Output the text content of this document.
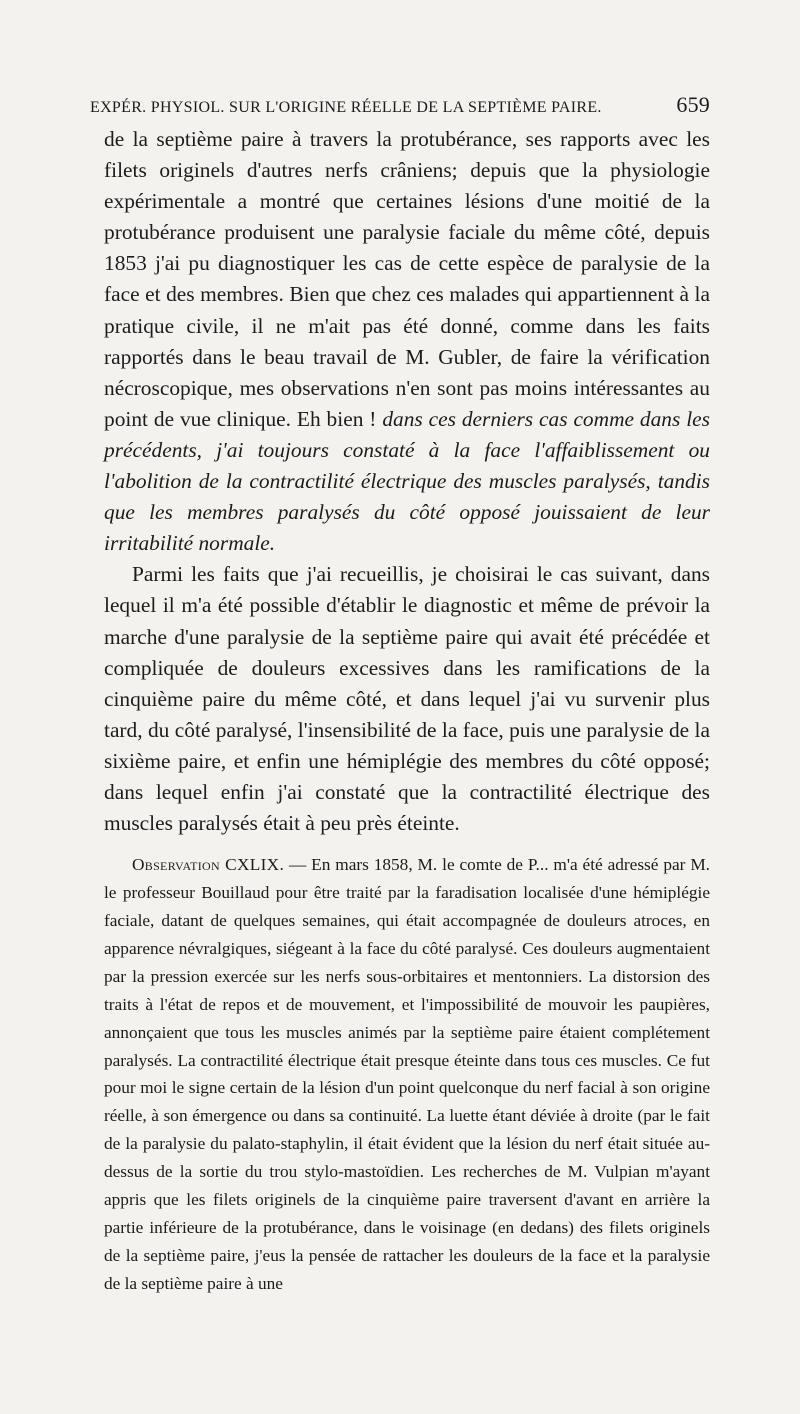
EXPÉR. PHYSIOL. SUR L'ORIGINE RÉELLE DE LA SEPTIÈME PAIRE.	659

de la septième paire à travers la protubérance, ses rapports avec les filets originels d'autres nerfs crâniens; depuis que la physiologie expérimentale a montré que certaines lésions d'une moitié de la protubérance produisent une paralysie faciale du même côté, depuis 1853 j'ai pu diagnostiquer les cas de cette espèce de paralysie de la face et des membres. Bien que chez ces malades qui appartiennent à la pratique civile, il ne m'ait pas été donné, comme dans les faits rapportés dans le beau travail de M. Gubler, de faire la vérification nécroscopique, mes observations n'en sont pas moins intéressantes au point de vue clinique. Eh bien ! dans ces derniers cas comme dans les précédents, j'ai toujours constaté à la face l'affaiblissement ou l'abolition de la contractilité électrique des muscles paralysés, tandis que les membres paralysés du côté opposé jouissaient de leur irritabilité normale.

Parmi les faits que j'ai recueillis, je choisirai le cas suivant, dans lequel il m'a été possible d'établir le diagnostic et même de prévoir la marche d'une paralysie de la septième paire qui avait été précédée et compliquée de douleurs excessives dans les ramifications de la cinquième paire du même côté, et dans lequel j'ai vu survenir plus tard, du côté paralysé, l'insensibilité de la face, puis une paralysie de la sixième paire, et enfin une hémiplégie des membres du côté opposé; dans lequel enfin j'ai constaté que la contractilité électrique des muscles paralysés était à peu près éteinte.

Observation CXLIX. — En mars 1858, M. le comte de P... m'a été adressé par M. le professeur Bouillaud pour être traité par la faradisation localisée d'une hémiplégie faciale, datant de quelques semaines, qui était accompagnée de douleurs atroces, en apparence névralgiques, siégeant à la face du côté paralysé. Ces douleurs augmentaient par la pression exercée sur les nerfs sous-orbitaires et mentonniers. La distorsion des traits à l'état de repos et de mouvement, et l'impossibilité de mouvoir les paupières, annonçaient que tous les muscles animés par la septième paire étaient complétement paralysés. La contractilité électrique était presque éteinte dans tous ces muscles. Ce fut pour moi le signe certain de la lésion d'un point quelconque du nerf facial à son origine réelle, à son émergence ou dans sa continuité. La luette étant déviée à droite (par le fait de la paralysie du palato-staphylin, il était évident que la lésion du nerf était située au-dessus de la sortie du trou stylo-mastoïdien. Les recherches de M. Vulpian m'ayant appris que les filets originels de la cinquième paire traversent d'avant en arrière la partie inférieure de la protubérance, dans le voisinage (en dedans) des filets originels de la septième paire, j'eus la pensée de rattacher les douleurs de la face et la paralysie de la septième paire à une
